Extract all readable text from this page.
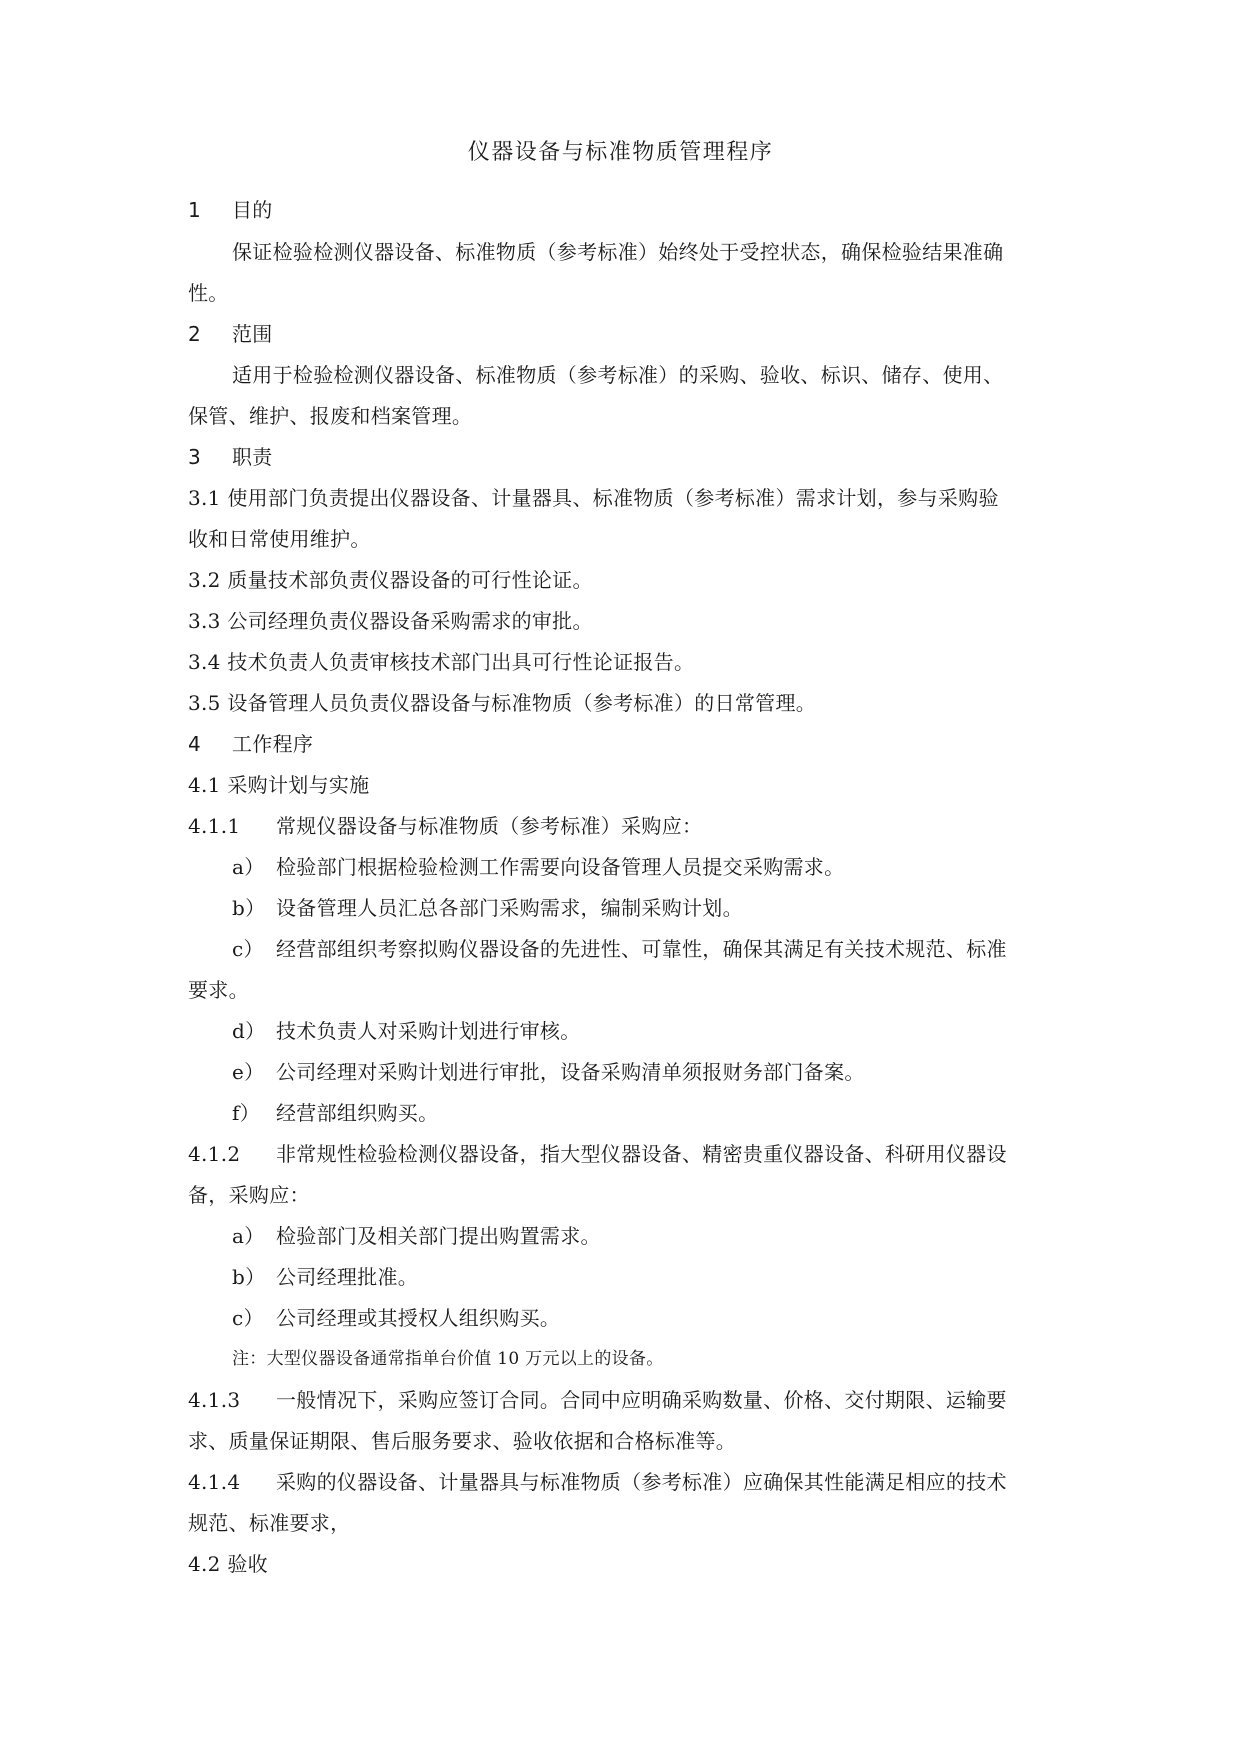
仪器设备与标准物质管理程序
1 目的
保证检验检测仪器设备、标准物质（参考标准）始终处于受控状态，确保检验结果准确
性。
2 范围
适用于检验检测仪器设备、标准物质（参考标准）的采购、验收、标识、储存、使用、
保管、维护、报废和档案管理。
3 职责
3.1 使用部门负责提出仪器设备、计量器具、标准物质（参考标准）需求计划，参与采购验
收和日常使用维护。
3.2 质量技术部负责仪器设备的可行性论证。
3.3 公司经理负责仪器设备采购需求的审批。
3.4 技术负责人负责审核技术部门出具可行性论证报告。
3.5 设备管理人员负责仪器设备与标准物质（参考标准）的日常管理。
4 工作程序
4.1 采购计划与实施
4.1.1 常规仪器设备与标准物质（参考标准）采购应：
a） 检验部门根据检验检测工作需要向设备管理人员提交采购需求。
b） 设备管理人员汇总各部门采购需求，编制采购计划。
c） 经营部组织考察拟购仪器设备的先进性、可靠性，确保其满足有关技术规范、标准
要求。
d） 技术负责人对采购计划进行审核。
e） 公司经理对采购计划进行审批，设备采购清单须报财务部门备案。
f） 经营部组织购买。
4.1.2 非常规性检验检测仪器设备，指大型仪器设备、精密贵重仪器设备、科研用仪器设
备，采购应：
a） 检验部门及相关部门提出购置需求。
b） 公司经理批准。
c） 公司经理或其授权人组织购买。
注：大型仪器设备通常指单台价值 10 万元以上的设备。
4.1.3 一般情况下，采购应签订合同。合同中应明确采购数量、价格、交付期限、运输要
求、质量保证期限、售后服务要求、验收依据和合格标准等。
4.1.4 采购的仪器设备、计量器具与标准物质（参考标准）应确保其性能满足相应的技术
规范、标准要求，
4.2 验收
